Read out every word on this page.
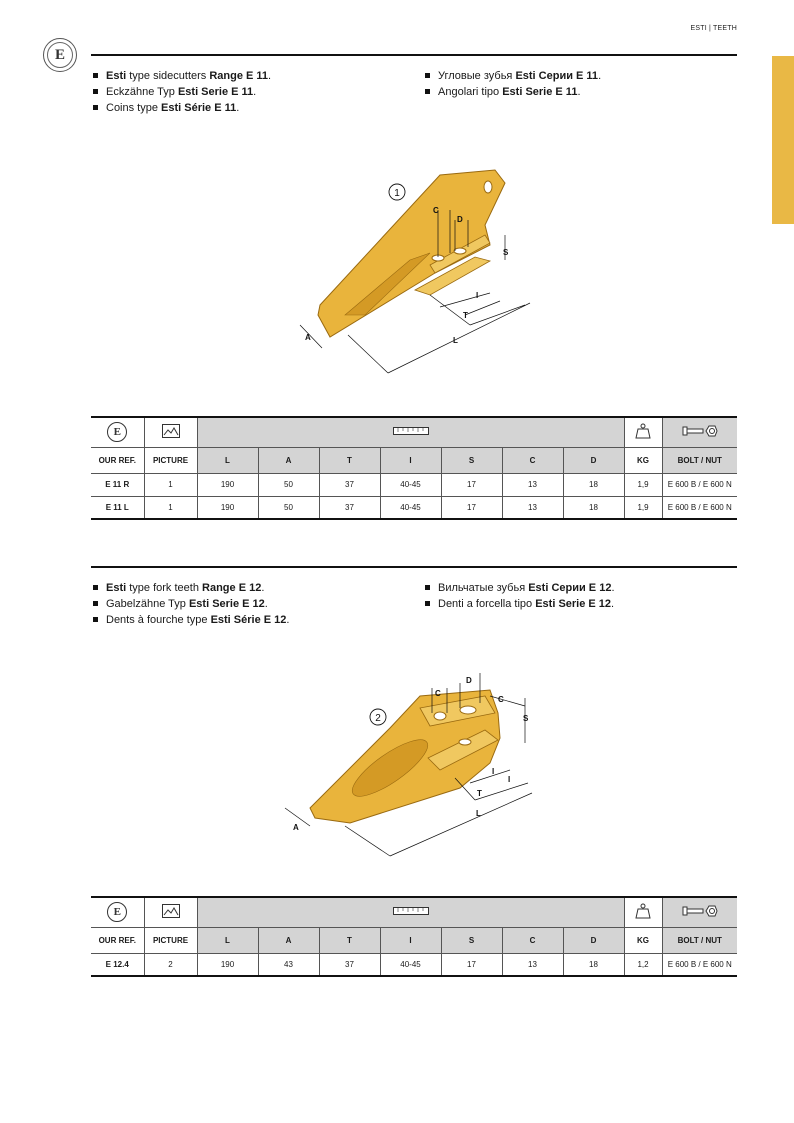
ESTI | TEETH
E
Esti type sidecutters Range E 11.
Eckzähne Typ Esti Serie E 11.
Coins type Esti Série E 11.
Угловые зубья Esti Серии E 11.
Angolari tipo Esti Serie E 11.
1
C
D
S
I
T
A	L
E				
OUR REF.	PICTURE	L	A	T	I	S	C	D	KG	BOLT / NUT
E 11 R	1	190	50	37	40-45	17	13	18	1,9	E 600 B / E 600 N
E 11 L	1	190	50	37	40-45	17	13	18	1,9	E 600 B / E 600 N
Esti type fork teeth Range E 12.
Gabelzähne Typ Esti Serie E 12.
Dents à fourche type Esti Série E 12.
Вильчатые зубья Esti Серии E 12.
Denti a forcella tipo Esti Serie E 12.
2
C
D
C
S
I
I
T
A
L
E				
OUR REF.	PICTURE	L	A	T	I	S	C	D	KG	BOLT / NUT
E 12.4	2	190	43	37	40-45	17	13	18	1,2	E 600 B / E 600 N
